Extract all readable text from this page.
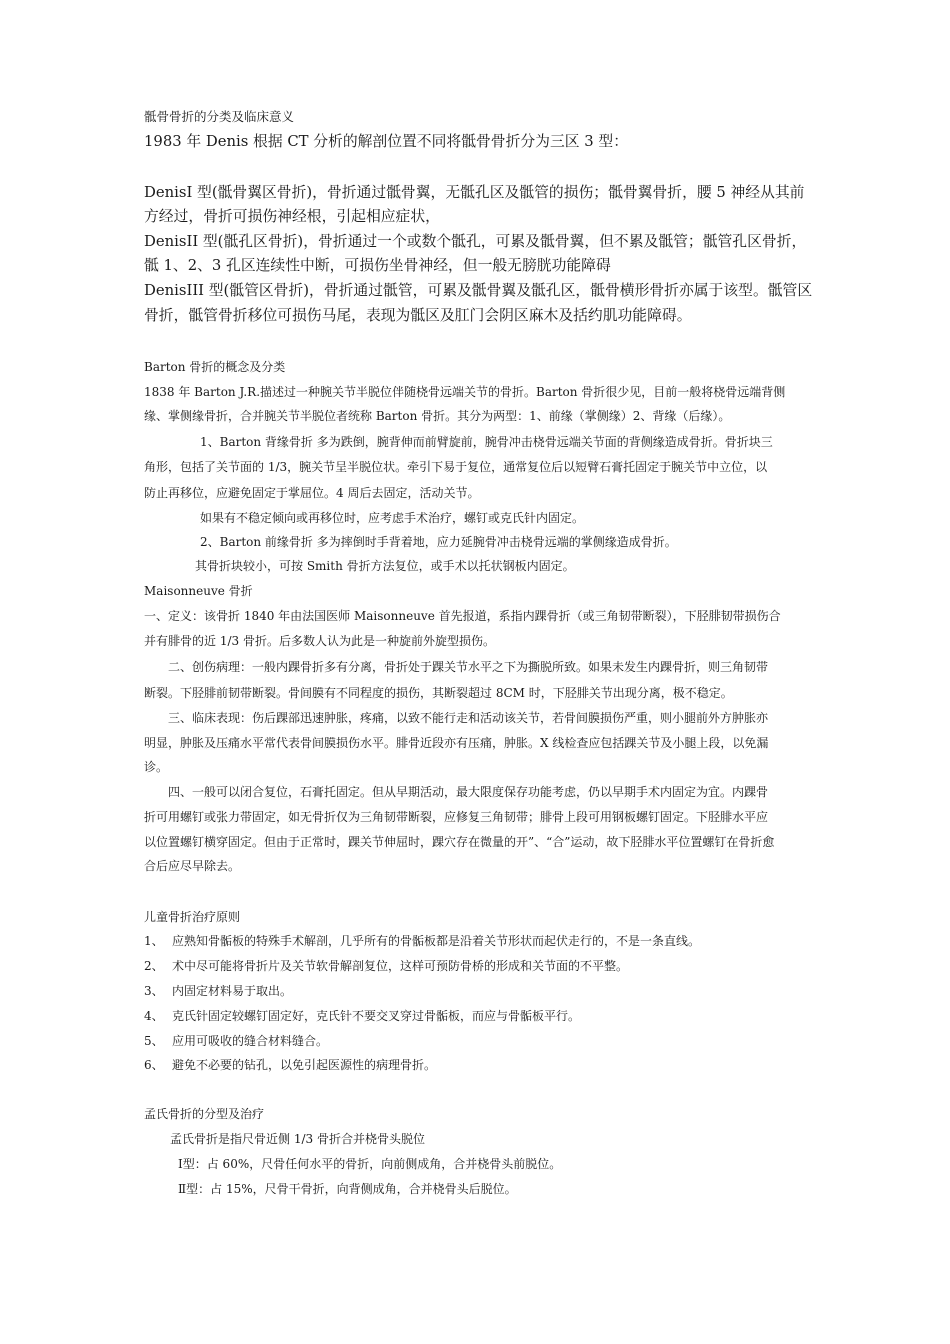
骶骨骨折的分类及临床意义
1983 年 Denis 根据 CT 分析的解剖位置不同将骶骨骨折分为三区 3 型：
DenisI 型(骶骨翼区骨折)，骨折通过骶骨翼，无骶孔区及骶管的损伤；骶骨翼骨折，腰 5 神经从其前
方经过，骨折可损伤神经根，引起相应症状，
DenisII 型(骶孔区骨折)，骨折通过一个或数个骶孔，可累及骶骨翼，但不累及骶管；骶管孔区骨折，
骶 1、2、3 孔区连续性中断，可损伤坐骨神经，但一般无膀胱功能障碍
DenisIII 型(骶管区骨折)，骨折通过骶管，可累及骶骨翼及骶孔区，骶骨横形骨折亦属于该型。骶管区
骨折，骶管骨折移位可损伤马尾，表现为骶区及肛门会阴区麻木及括约肌功能障碍。
Barton 骨折的概念及分类
1838 年 Barton J.R.描述过一种腕关节半脱位伴随桡骨远端关节的骨折。Barton 骨折很少见，目前一般将桡骨远端背侧
缘、掌侧缘骨折，合并腕关节半脱位者统称 Barton 骨折。其分为两型：1、前缘（掌侧缘）2、背缘（后缘）。
1、Barton 背缘骨折 多为跌倒，腕背伸而前臂旋前，腕骨冲击桡骨远端关节面的背侧缘造成骨折。骨折块三
角形，包括了关节面的 1/3，腕关节呈半脱位状。牵引下易于复位，通常复位后以短臂石膏托固定于腕关节中立位，以
防止再移位，应避免固定于掌屈位。4 周后去固定，活动关节。
如果有不稳定倾向或再移位时，应考虑手术治疗，螺钉或克氏针内固定。
2、Barton 前缘骨折 多为摔倒时手背着地，应力延腕骨冲击桡骨远端的掌侧缘造成骨折。
其骨折块较小，可按 Smith 骨折方法复位，或手术以托状钢板内固定。
Maisonneuve 骨折
一、定义：该骨折 1840 年由法国医师 Maisonneuve 首先报道，系指内踝骨折（或三角韧带断裂），下胫腓韧带损伤合
并有腓骨的近 1/3 骨折。后多数人认为此是一种旋前外旋型损伤。
二、创伤病理：一般内踝骨折多有分离，骨折处于踝关节水平之下为撕脱所致。如果未发生内踝骨折，则三角韧带
断裂。下胫腓前韧带断裂。骨间膜有不同程度的损伤，其断裂超过 8CM 时，下胫腓关节出现分离，极不稳定。
三、临床表现：伤后踝部迅速肿胀，疼痛，以致不能行走和活动该关节，若骨间膜损伤严重，则小腿前外方肿胀亦
明显，肿胀及压痛水平常代表骨间膜损伤水平。腓骨近段亦有压痛，肿胀。X 线检查应包括踝关节及小腿上段，以免漏
诊。
四、一般可以闭合复位，石膏托固定。但从早期活动，最大限度保存功能考虑，仍以早期手术内固定为宜。内踝骨
折可用螺钉或张力带固定，如无骨折仅为三角韧带断裂，应修复三角韧带；腓骨上段可用钢板螺钉固定。下胫腓水平应
以位置螺钉横穿固定。但由于正常时，踝关节伸屈时，踝穴存在微量的开”、“合”运动，故下胫腓水平位置螺钉在骨折愈
合后应尽早除去。
儿童骨折治疗原则
1、 应熟知骨骺板的特殊手术解剖，几乎所有的骨骺板都是沿着关节形状而起伏走行的，不是一条直线。
2、 术中尽可能将骨折片及关节软骨解剖复位，这样可预防骨桥的形成和关节面的不平整。
3、 内固定材料易于取出。
4、 克氏针固定较螺钉固定好，克氏针不要交叉穿过骨骺板，而应与骨骺板平行。
5、 应用可吸收的缝合材料缝合。
6、 避免不必要的钻孔，以免引起医源性的病理骨折。
孟氏骨折的分型及治疗
孟氏骨折是指尺骨近侧 1/3 骨折合并桡骨头脱位
Ⅰ型：占 60%，尺骨任何水平的骨折，向前侧成角，合并桡骨头前脱位。
Ⅱ型：占 15%，尺骨干骨折，向背侧成角，合并桡骨头后脱位。
